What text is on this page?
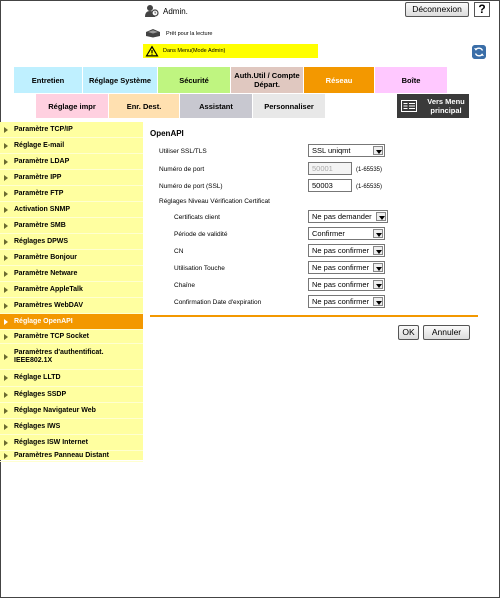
Admin.	Déconnexion	?
Prêt pour la lecture
Dans Menu(Mode Admin)
Entretien	Réglage Système	Sécurité	Auth.Util / Compte Départ.	Réseau	Boîte
Réglage impr	Enr. Dest.	Assistant	Personnaliser	Vers Menu principal
Paramètre TCP/IP
Réglage E-mail
Paramètre LDAP
Paramètre IPP
Paramètre FTP
Activation SNMP
Paramètre SMB
Réglages DPWS
Paramètre Bonjour
Paramètre Netware
Paramètre AppleTalk
Paramètres WebDAV
Réglage OpenAPI
Paramètre TCP Socket
Paramètres d'authentificat. IEEE802.1X
Réglage LLTD
Réglages SSDP
Réglage Navigateur Web
Réglages IWS
Réglages ISW Internet
Paramètres Panneau Distant
OpenAPI
Utiliser SSL/TLS	SSL uniqmt
Numéro de port	50001	(1-65535)
Numéro de port (SSL)	50003	(1-65535)
Réglages Niveau Vérification Certificat
Certificats client	Ne pas demander
Période de validité	Confirmer
CN	Ne pas confirmer
Utilisation Touche	Ne pas confirmer
Chaîne	Ne pas confirmer
Confirmation Date d'expiration	Ne pas confirmer
OK	Annuler
